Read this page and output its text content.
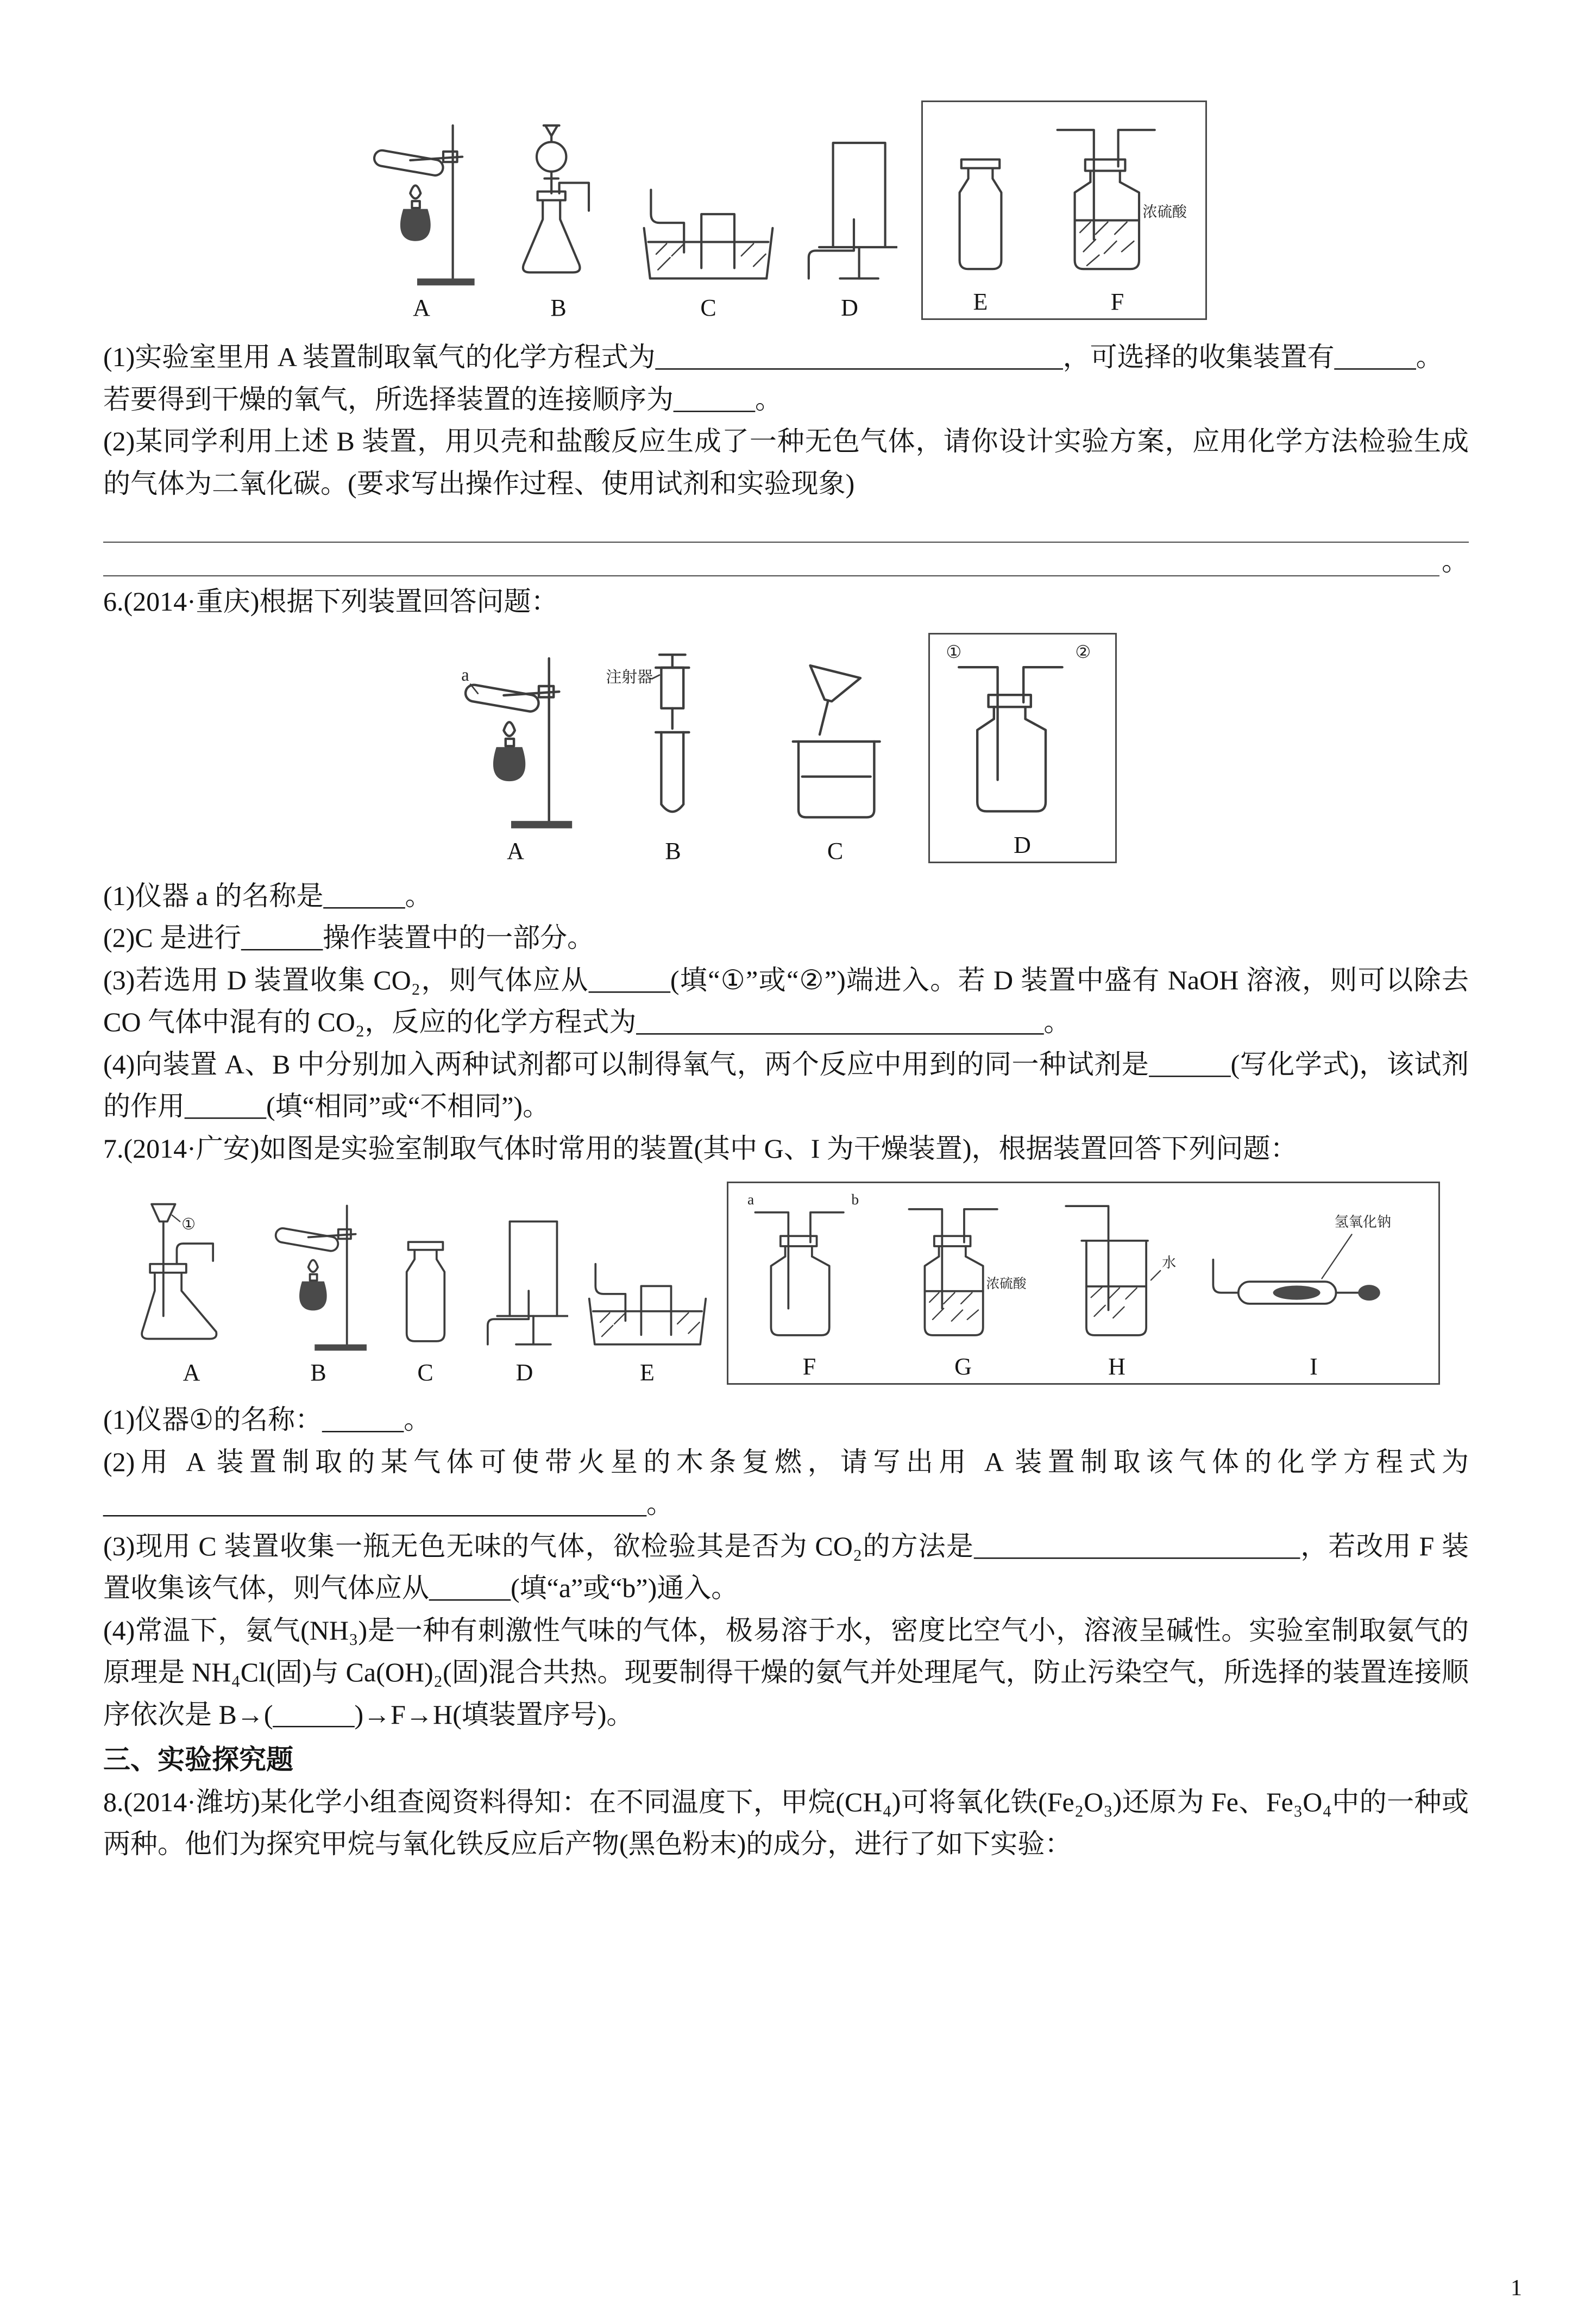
A	B	C	D	E
浓硫酸
F

(1)实验室里用 A 装置制取氧气的化学方程式为______________________________，可选择的收集装置有______。

若要得到干燥的氧气，所选择装置的连接顺序为______。

(2)某同学利用上述 B 装置，用贝壳和盐酸反应生成了一种无色气体，请你设计实验方案，应用化学方法检验生成的气体为二氧化碳。(要求写出操作过程、使用试剂和实验现象)

。

6.(2014·重庆)根据下列装置回答问题：

a
A
注射器
B	C
①	②
D

(1)仪器 a 的名称是______。

(2)C 是进行______操作装置中的一部分。

(3)若选用 D 装置收集 CO₂，则气体应从______(填“①”或“②”)端进入。若 D 装置中盛有 NaOH 溶液，则可以除去 CO 气体中混有的 CO₂，反应的化学方程式为______________________________。

(4)向装置 A、B 中分别加入两种试剂都可以制得氧气，两个反应中用到的同一种试剂是______(写化学式)，该试剂的作用______(填“相同”或“不相同”)。

7.(2014·广安)如图是实验室制取气体时常用的装置(其中 G、I 为干燥装置)，根据装置回答下列问题：

①
A	B	C	D	E
a	b
F
浓硫酸
G
水
H
氢氧化钠
I

(1)仪器①的名称：______。

(2)用 A 装置制取的某气体可使带火星的木条复燃，请写出用 A 装置制取该气体的化学方程式为________________________________________。

(3)现用 C 装置收集一瓶无色无味的气体，欲检验其是否为 CO₂的方法是________________________，若改用 F 装置收集该气体，则气体应从______(填“a”或“b”)通入。

(4)常温下，氨气(NH₃)是一种有刺激性气味的气体，极易溶于水，密度比空气小，溶液呈碱性。实验室制取氨气的原理是 NH₄Cl(固)与 Ca(OH)₂(固)混合共热。现要制得干燥的氨气并处理尾气，防止污染空气，所选择的装置连接顺序依次是 B→(______)→F→H(填装置序号)。

三、实验探究题

8.(2014·潍坊)某化学小组查阅资料得知：在不同温度下，甲烷(CH₄)可将氧化铁(Fe₂O₃)还原为 Fe、Fe₃O₄中的一种或两种。他们为探究甲烷与氧化铁反应后产物(黑色粉末)的成分，进行了如下实验：

1
